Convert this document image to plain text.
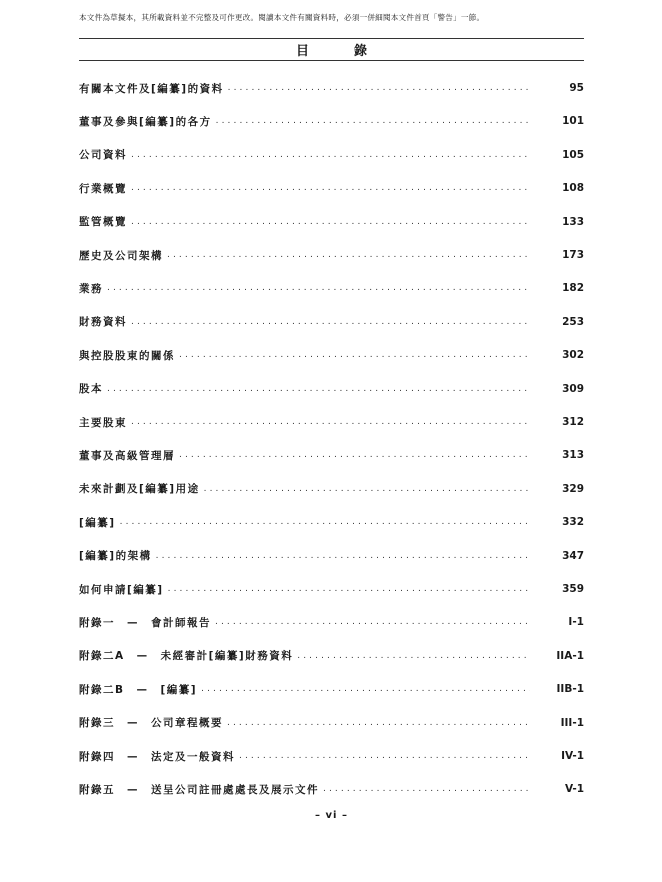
本文件為草擬本，其所載資料並不完整及可作更改。閱讀本文件有關資料時，必須一併細閱本文件首頁「警告」一節。
目　錄
有關本文件及[編纂]的資料 .....	95
董事及參與[編纂]的各方 .....	101
公司資料 .....	105
行業概覽 .....	108
監管概覽 .....	133
歷史及公司架構 .....	173
業務 .....	182
財務資料 .....	253
與控股股東的關係 .....	302
股本 .....	309
主要股東 .....	312
董事及高級管理層 .....	313
未來計劃及[編纂]用途 .....	329
[編纂] .....	332
[編纂]的架構 .....	347
如何申請[編纂] .....	359
附錄一　—　會計師報告 .....	I-1
附錄二A　—　未經審計[編纂]財務資料 .....	IIA-1
附錄二B　—　[編纂] .....	IIB-1
附錄三　—　公司章程概要 .....	III-1
附錄四　—　法定及一般資料 .....	IV-1
附錄五　—　送呈公司註冊處處長及展示文件 .....	V-1
– vi –
